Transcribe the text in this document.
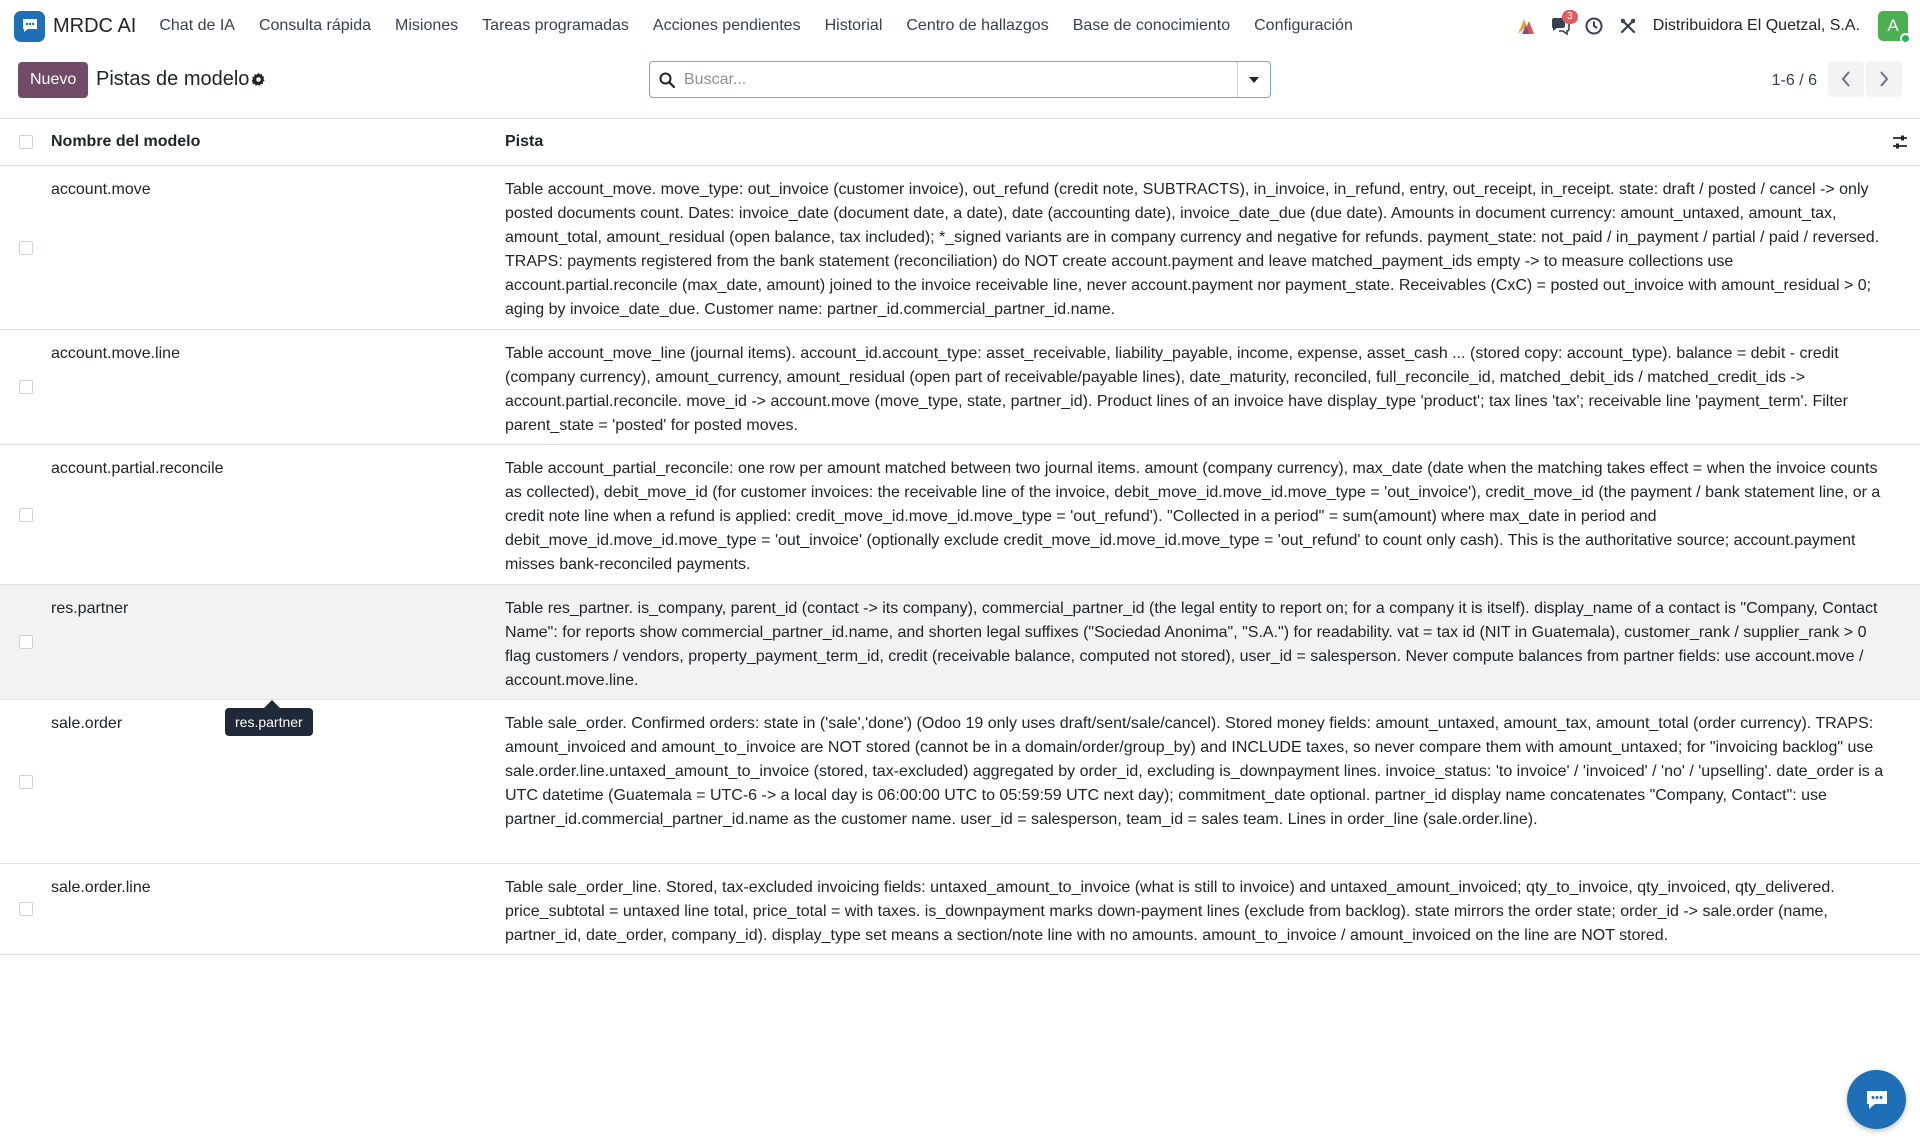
MRDC AI	Chat de IA	Consulta rápida	Misiones	Tareas programadas	Acciones pendientes	Historial	Centro de hallazgos	Base de conocimiento	Configuración
3
Distribuidora El Quetzal, S.A. A
Nuevo Pistas de modelo
Buscar...	1-6 / 6
Nombre del modelo	Pista
account.move	Table account_move. move_type: out_invoice (customer invoice), out_refund (credit note, SUBTRACTS), in_invoice, in_refund, entry, out_receipt, in_receipt. state: draft / posted / cancel -> only posted documents count. Dates: invoice_date (document date, a date), date (accounting date), invoice_date_due (due date). Amounts in document currency: amount_untaxed, amount_tax, amount_total, amount_residual (open balance, tax included); *_signed variants are in company currency and negative for refunds. payment_state: not_paid / in_payment / partial / paid / reversed. TRAPS: payments registered from the bank statement (reconciliation) do NOT create account.payment and leave matched_payment_ids empty -> to measure collections use account.partial.reconcile (max_date, amount) joined to the invoice receivable line, never account.payment nor payment_state. Receivables (CxC) = posted out_invoice with amount_residual > 0; aging by invoice_date_due. Customer name: partner_id.commercial_partner_id.name.
account.move.line	Table account_move_line (journal items). account_id.account_type: asset_receivable, liability_payable, income, expense, asset_cash ... (stored copy: account_type). balance = debit - credit (company currency), amount_currency, amount_residual (open part of receivable/payable lines), date_maturity, reconciled, full_reconcile_id, matched_debit_ids / matched_credit_ids -> account.partial.reconcile. move_id -> account.move (move_type, state, partner_id). Product lines of an invoice have display_type 'product'; tax lines 'tax'; receivable line 'payment_term'. Filter parent_state = 'posted' for posted moves.
account.partial.reconcile	Table account_partial_reconcile: one row per amount matched between two journal items. amount (company currency), max_date (date when the matching takes effect = when the invoice counts as collected), debit_move_id (for customer invoices: the receivable line of the invoice, debit_move_id.move_id.move_type = 'out_invoice'), credit_move_id (the payment / bank statement line, or a credit note line when a refund is applied: credit_move_id.move_id.move_type = 'out_refund'). "Collected in a period" = sum(amount) where max_date in period and debit_move_id.move_id.move_type = 'out_invoice' (optionally exclude credit_move_id.move_id.move_type = 'out_refund' to count only cash). This is the authoritative source; account.payment misses bank-reconciled payments.
res.partner	Table res_partner. is_company, parent_id (contact -> its company), commercial_partner_id (the legal entity to report on; for a company it is itself). display_name of a contact is "Company, Contact Name": for reports show commercial_partner_id.name, and shorten legal suffixes ("Sociedad Anonima", "S.A.") for readability. vat = tax id (NIT in Guatemala), customer_rank / supplier_rank > 0 flag customers / vendors, property_payment_term_id, credit (receivable balance, computed not stored), user_id = salesperson. Never compute balances from partner fields: use account.move / account.move.line.
sale.order	Table sale_order. Confirmed orders: state in ('sale','done') (Odoo 19 only uses draft/sent/sale/cancel). Stored money fields: amount_untaxed, amount_tax, amount_total (order currency). TRAPS: amount_invoiced and amount_to_invoice are NOT stored (cannot be in a domain/order/group_by) and INCLUDE taxes, so never compare them with amount_untaxed; for "invoicing backlog" use sale.order.line.untaxed_amount_to_invoice (stored, tax-excluded) aggregated by order_id, excluding is_downpayment lines. invoice_status: 'to invoice' / 'invoiced' / 'no' / 'upselling'. date_order is a UTC datetime (Guatemala = UTC-6 -> a local day is 06:00:00 UTC to 05:59:59 UTC next day); commitment_date optional. partner_id display name concatenates "Company, Contact": use partner_id.commercial_partner_id.name as the customer name. user_id = salesperson, team_id = sales team. Lines in order_line (sale.order.line).
sale.order.line	Table sale_order_line. Stored, tax-excluded invoicing fields: untaxed_amount_to_invoice (what is still to invoice) and untaxed_amount_invoiced; qty_to_invoice, qty_invoiced, qty_delivered. price_subtotal = untaxed line total, price_total = with taxes. is_downpayment marks down-payment lines (exclude from backlog). state mirrors the order state; order_id -> sale.order (name, partner_id, date_order, company_id). display_type set means a section/note line with no amounts. amount_to_invoice / amount_invoiced on the line are NOT stored.
res.partner
